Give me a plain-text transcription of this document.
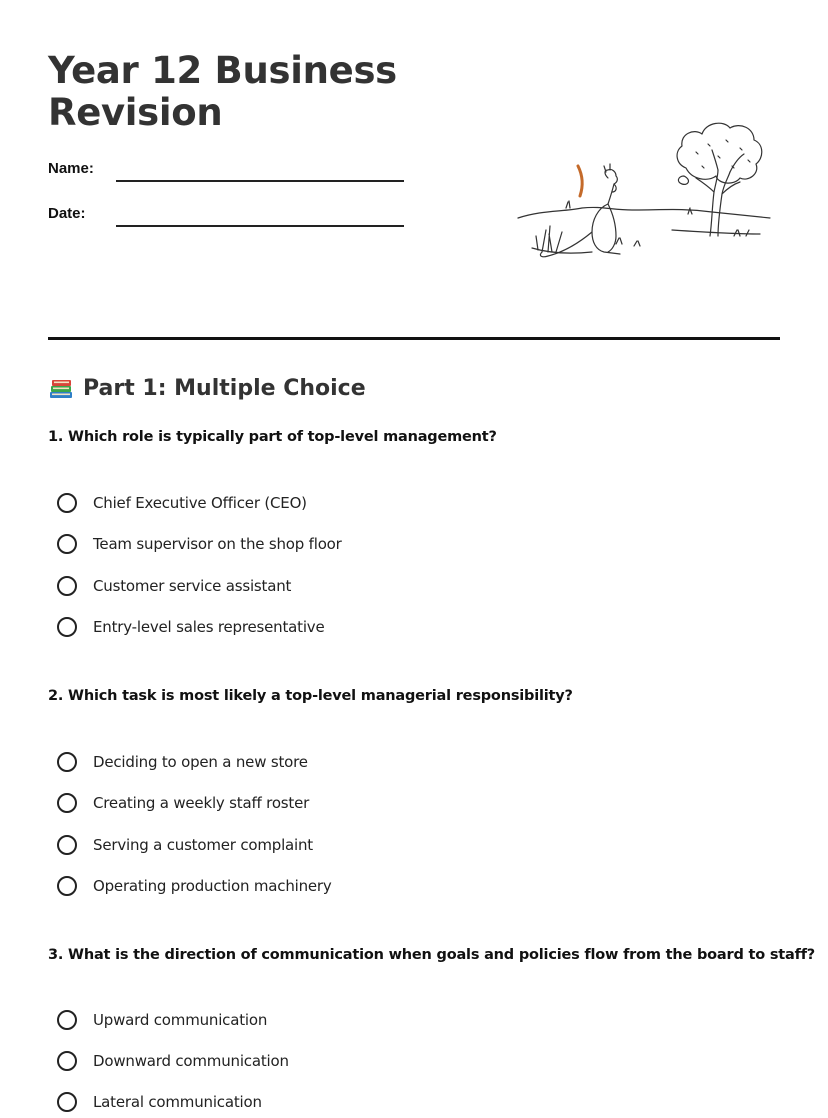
Year 12 Business
Revision
Name:
Date:
Part 1: Multiple Choice

1. Which role is typically part of top-level management?

Chief Executive Officer (CEO)
Team supervisor on the shop floor
Customer service assistant
Entry-level sales representative

2. Which task is most likely a top-level managerial responsibility?

Deciding to open a new store
Creating a weekly staff roster
Serving a customer complaint
Operating production machinery

3. What is the direction of communication when goals and policies flow from the board to staff?

Upward communication
Downward communication
Lateral communication
